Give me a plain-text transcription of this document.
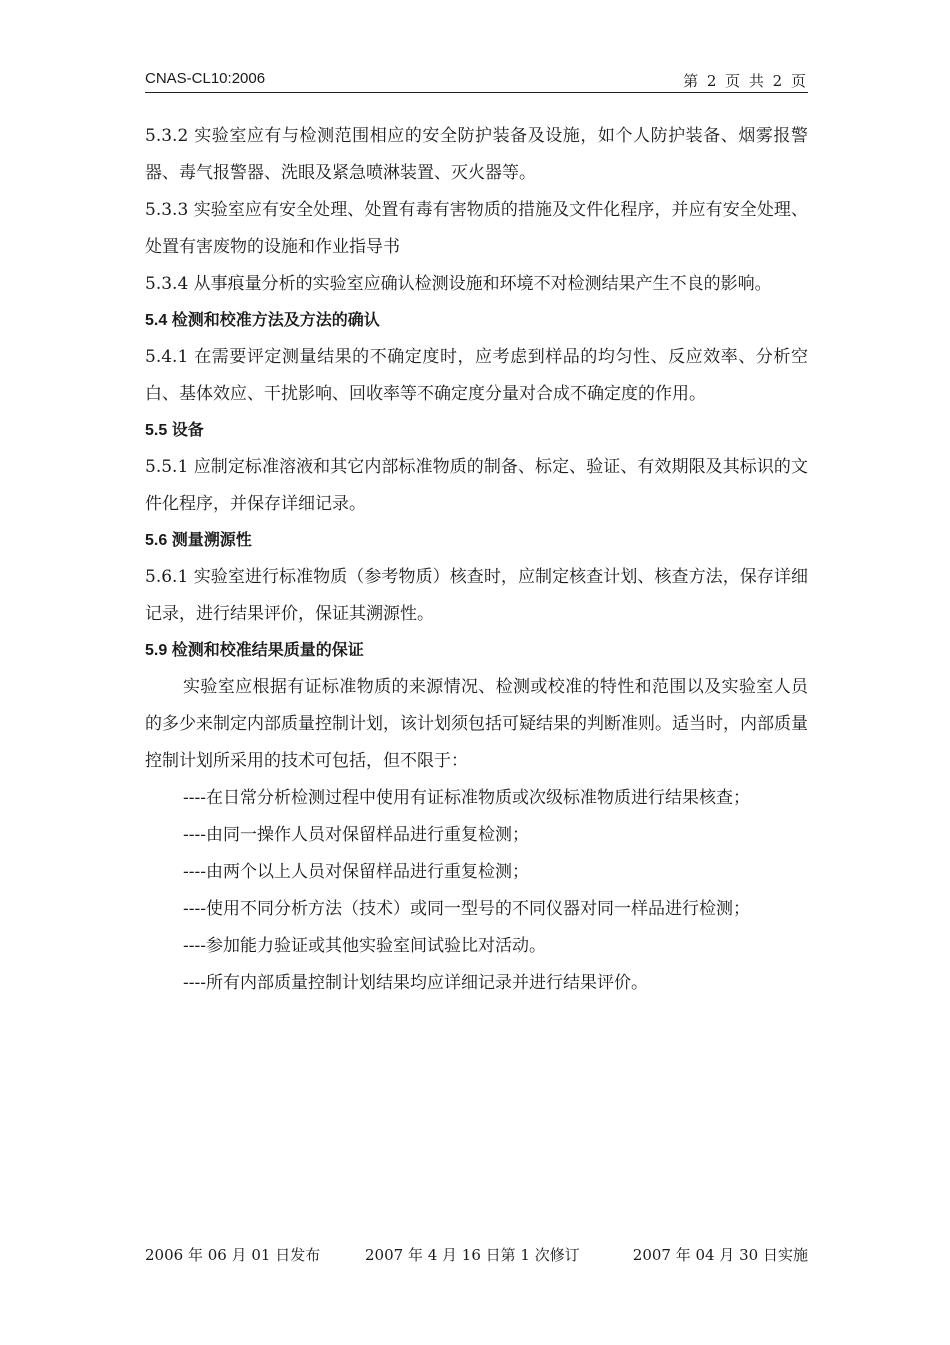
CNAS-CL10:2006	第 2 页 共 2 页

5.3.2 实验室应有与检测范围相应的安全防护装备及设施，如个人防护装备、烟雾报警器、毒气报警器、洗眼及紧急喷淋装置、灭火器等。

5.3.3 实验室应有安全处理、处置有毒有害物质的措施及文件化程序，并应有安全处理、处置有害废物的设施和作业指导书

5.3.4 从事痕量分析的实验室应确认检测设施和环境不对检测结果产生不良的影响。

5.4 检测和校准方法及方法的确认

5.4.1 在需要评定测量结果的不确定度时，应考虑到样品的均匀性、反应效率、分析空白、基体效应、干扰影响、回收率等不确定度分量对合成不确定度的作用。

5.5 设备

5.5.1 应制定标准溶液和其它内部标准物质的制备、标定、验证、有效期限及其标识的文件化程序，并保存详细记录。

5.6 测量溯源性

5.6.1 实验室进行标准物质（参考物质）核查时，应制定核查计划、核查方法，保存详细记录，进行结果评价，保证其溯源性。

5.9 检测和校准结果质量的保证

实验室应根据有证标准物质的来源情况、检测或校准的特性和范围以及实验室人员的多少来制定内部质量控制计划，该计划须包括可疑结果的判断准则。适当时，内部质量控制计划所采用的技术可包括，但不限于：

----在日常分析检测过程中使用有证标准物质或次级标准物质进行结果核查；

----由同一操作人员对保留样品进行重复检测；

----由两个以上人员对保留样品进行重复检测；

----使用不同分析方法（技术）或同一型号的不同仪器对同一样品进行检测；

----参加能力验证或其他实验室间试验比对活动。

----所有内部质量控制计划结果均应详细记录并进行结果评价。

2006 年 06 月 01 日发布	2007 年 4 月 16 日第 1 次修订	2007 年 04 月 30 日实施
